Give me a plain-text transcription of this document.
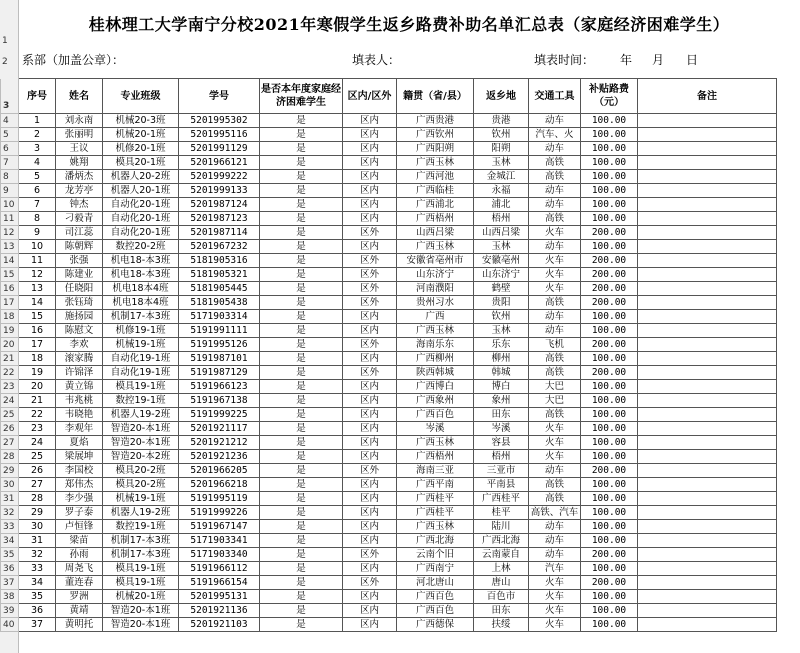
1
桂林理工大学南宁分校2021年寒假学生返乡路费补助名单汇总表（家庭经济困难学生）
2	系部（加盖公章）：	填表人：	填表时间： 年 月 日
3	序号	姓名	专业班级	学号	是否本年度家庭经济困难学生	区内/区外	籍贯（省/县）	返乡地	交通工具	补贴路费（元）	备注
4	1	刘永南	机械20-3班	5201995302	是	区内	广西贵港	贵港	动车	100.00	
5	2	张丽明	机械20-1班	5201995116	是	区内	广西钦州	钦州	汽车、火	100.00	
6	3	王议	机修20-1班	5201991129	是	区内	广西阳朔	阳朔	动车	100.00	
7	4	姚翔	模具20-1班	5201966121	是	区内	广西玉林	玉林	高铁	100.00	
8	5	潘炳杰	机器人20-2班	5201999222	是	区内	广西河池	金城江	高铁	100.00	
9	6	龙芳亭	机器人20-1班	5201999133	是	区内	广西临桂	永福	动车	100.00	
10	7	钟杰	自动化20-1班	5201987124	是	区内	广西浦北	浦北	动车	100.00	
11	8	刁毅青	自动化20-1班	5201987123	是	区内	广西梧州	梧州	高铁	100.00	
12	9	司江蕊	自动化20-1班	5201987114	是	区外	山西吕梁	山西吕梁	火车	200.00	
13	10	陈朝辉	数控20-2班	5201967232	是	区内	广西玉林	玉林	动车	100.00	
14	11	张强	机电18-本3班	5181905316	是	区外	安徽省亳州市	安徽亳州	火车	200.00	
15	12	陈建业	机电18-本3班	5181905321	是	区外	山东济宁	山东济宁	火车	200.00	
16	13	任晓阳	机电18本4班	5181905445	是	区外	河南濮阳	鹤壁	火车	200.00	
17	14	张钰琦	机电18本4班	5181905438	是	区外	贵州习水	贵阳	高铁	200.00	
18	15	施扬园	机制17-本3班	5171903314	是	区内	广西	钦州	动车	100.00	
19	16	陈慰文	机修19-1班	5191991111	是	区内	广西玉林	玉林	动车	100.00	
20	17	李欢	机械19-1班	5191995126	是	区外	海南乐东	乐东	飞机	200.00	
21	18	滚家腾	自动化19-1班	5191987101	是	区内	广西柳州	柳州	高铁	100.00	
22	19	许锦泽	自动化19-1班	5191987129	是	区外	陕西韩城	韩城	高铁	200.00	
23	20	黄立锦	模具19-1班	5191966123	是	区内	广西博白	博白	大巴	100.00	
24	21	韦兆桃	数控19-1班	5191967138	是	区内	广西象州	象州	大巴	100.00	
25	22	韦晓艳	机器人19-2班	5191999225	是	区内	广西百色	田东	高铁	100.00	
26	23	李观年	智造20-本1班	5201921117	是	区内	岑溪	岑溪	火车	100.00	
27	24	夏焰	智造20-本1班	5201921212	是	区内	广西玉林	容县	火车	100.00	
28	25	梁展坤	智造20-本2班	5201921236	是	区内	广西梧州	梧州	火车	100.00	
29	26	李国校	模具20-2班	5201966205	是	区外	海南三亚	三亚市	动车	200.00	
30	27	郑伟杰	模具20-2班	5201966218	是	区内	广西平南	平南县	高铁	100.00	
31	28	李少强	机械19-1班	5191995119	是	区内	广西桂平	广西桂平	高铁	100.00	
32	29	罗子泰	机器人19-2班	5191999226	是	区内	广西桂平	桂平	高铁、汽车	100.00	
33	30	卢恒锋	数控19-1班	5191967147	是	区内	广西玉林	陆川	动车	100.00	
34	31	梁苗	机制17-本3班	5171903341	是	区内	广西北海	广西北海	动车	100.00	
35	32	孙雨	机制17-本3班	5171903340	是	区外	云南个旧	云南蒙自	动车	200.00	
36	33	周尧飞	模具19-1班	5191966112	是	区内	广西南宁	上林	汽车	100.00	
37	34	董连春	模具19-1班	5191966154	是	区外	河北唐山	唐山	火车	200.00	
38	35	罗洲	机械20-1班	5201995131	是	区内	广西百色	百色市	火车	100.00	
39	36	黄靖	智造20-本1班	5201921136	是	区内	广西百色	田东	火车	100.00	
40	37	黄明托	智造20-本1班	5201921103	是	区内	广西德保	扶绥	火车	100.00	
